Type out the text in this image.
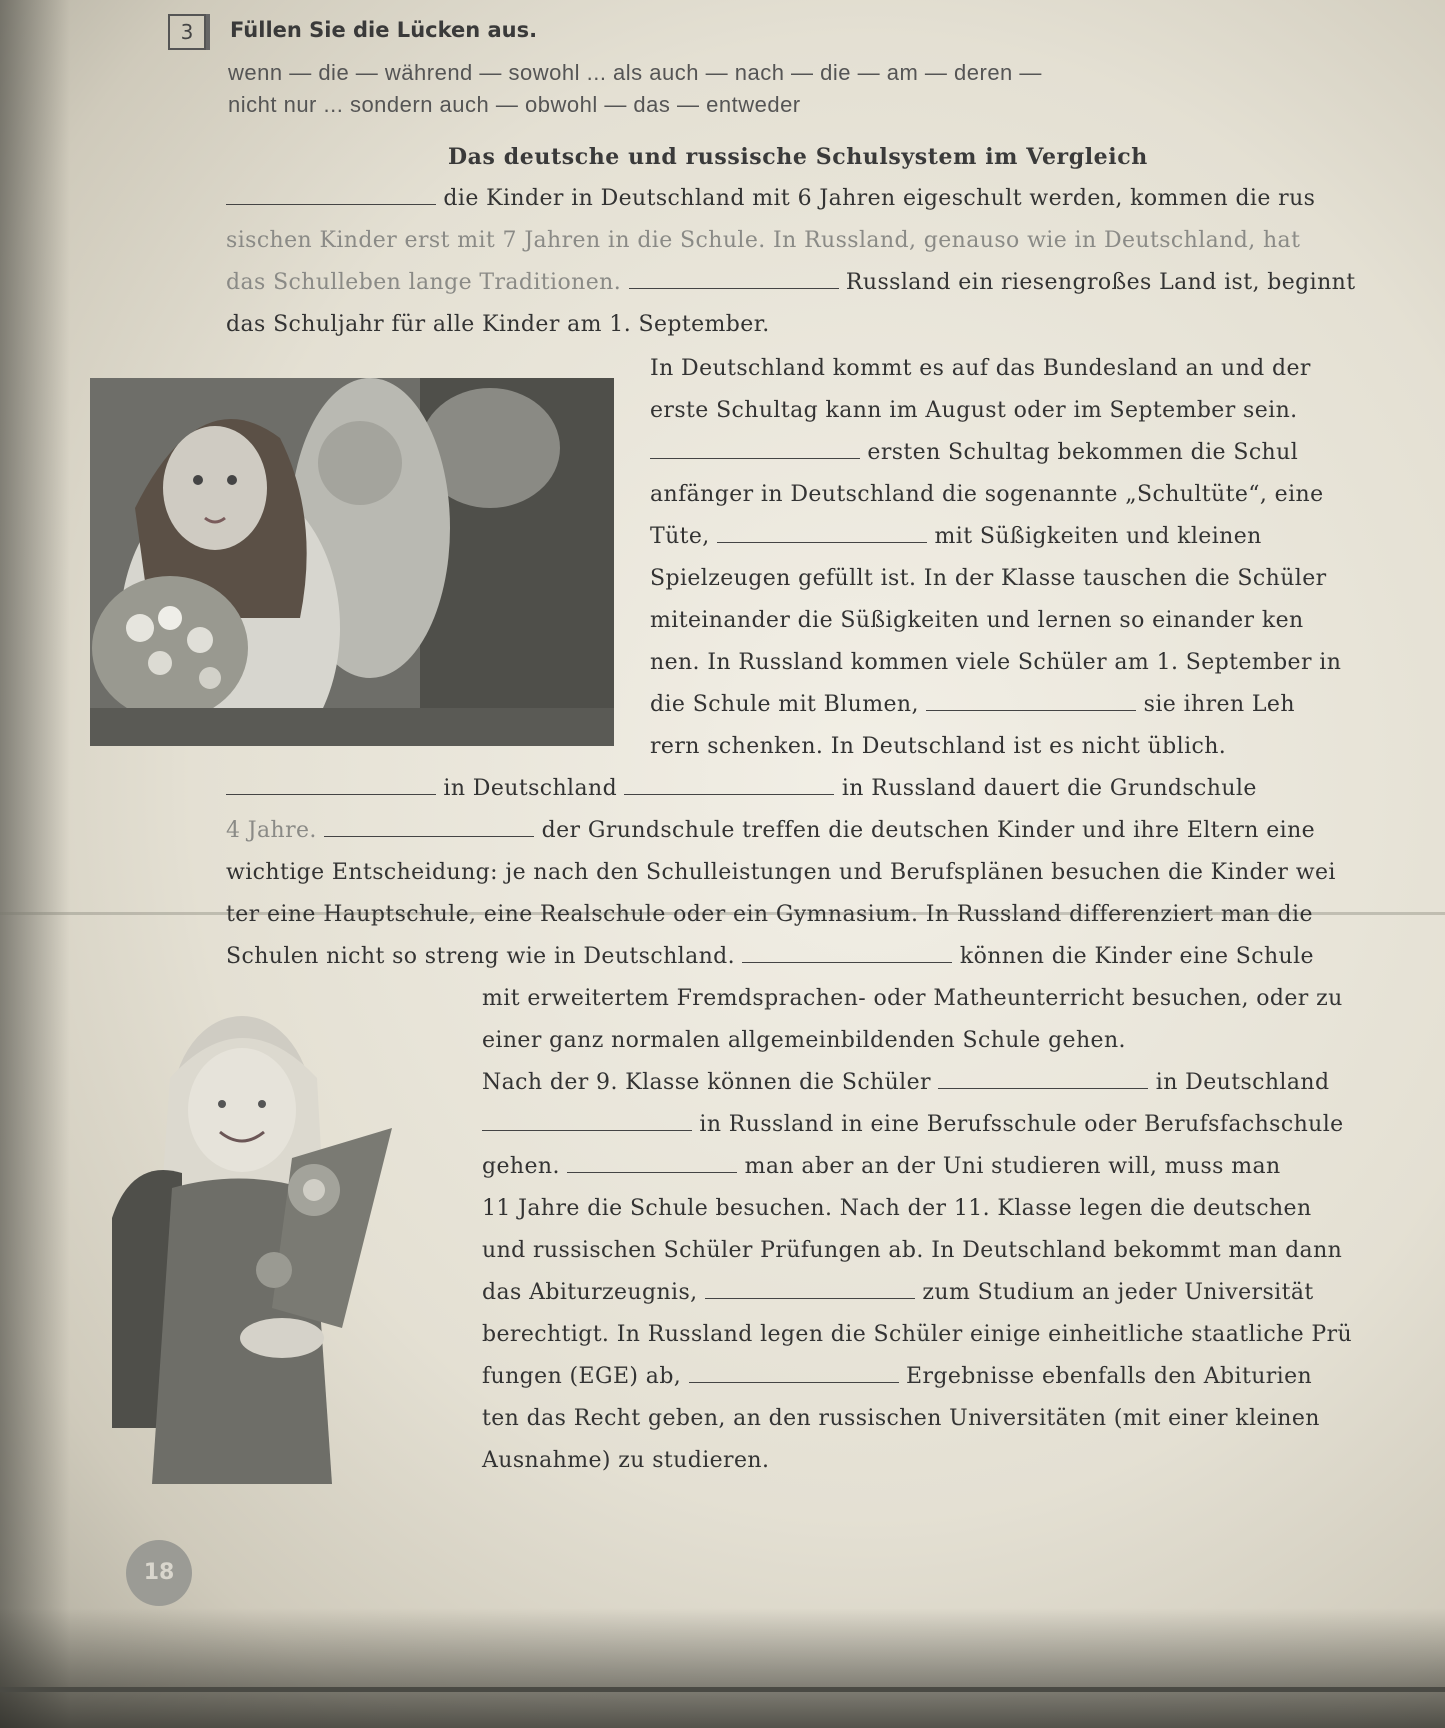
3	Füllen Sie die Lücken aus.
wenn — die — während — sowohl ... als auch — nach — die — am — deren —
nicht nur ... sondern auch — obwohl — das — entweder
Das deutsche und russische Schulsystem im Vergleich
die Kinder in Deutschland mit 6 Jahren eigeschult werden, kommen die rus
sischen Kinder erst mit 7 Jahren in die Schule. In Russland, genauso wie in Deutschland, hat
das Schulleben lange Traditionen.	Russland ein riesengroßes Land ist, beginnt
das Schuljahr für alle Kinder am 1. September.
In Deutschland kommt es auf das Bundesland an und der
erste Schultag kann im August oder im September sein.
ersten Schultag bekommen die Schul
anfänger in Deutschland die sogenannte „Schultüte“, eine
Tüte,	mit Süßigkeiten und kleinen
Spielzeugen gefüllt ist. In der Klasse tauschen die Schüler
miteinander die Süßigkeiten und lernen so einander ken
nen. In Russland kommen viele Schüler am 1. September in
die Schule mit Blumen,	sie ihren Leh
rern schenken. In Deutschland ist es nicht üblich.
in Deutschland	in Russland dauert die Grundschule
4 Jahre.	der Grundschule treffen die deutschen Kinder und ihre Eltern eine
wichtige Entscheidung: je nach den Schulleistungen und Berufsplänen besuchen die Kinder wei
ter eine Hauptschule, eine Realschule oder ein Gymnasium. In Russland differenziert man die
Schulen nicht so streng wie in Deutschland.	können die Kinder eine Schule
mit erweitertem Fremdsprachen- oder Matheunterricht besuchen, oder zu
einer ganz normalen allgemeinbildenden Schule gehen.
Nach der 9. Klasse können die Schüler	in Deutschland
in Russland in eine Berufsschule oder Berufsfachschule
gehen.	man aber an der Uni studieren will, muss man
11 Jahre die Schule besuchen. Nach der 11. Klasse legen die deutschen
und russischen Schüler Prüfungen ab. In Deutschland bekommt man dann
das Abiturzeugnis,	zum Studium an jeder Universität
berechtigt. In Russland legen die Schüler einige einheitliche staatliche Prü
fungen (EGE) ab,	Ergebnisse ebenfalls den Abiturien
ten das Recht geben, an den russischen Universitäten (mit einer kleinen
Ausnahme) zu studieren.
18
